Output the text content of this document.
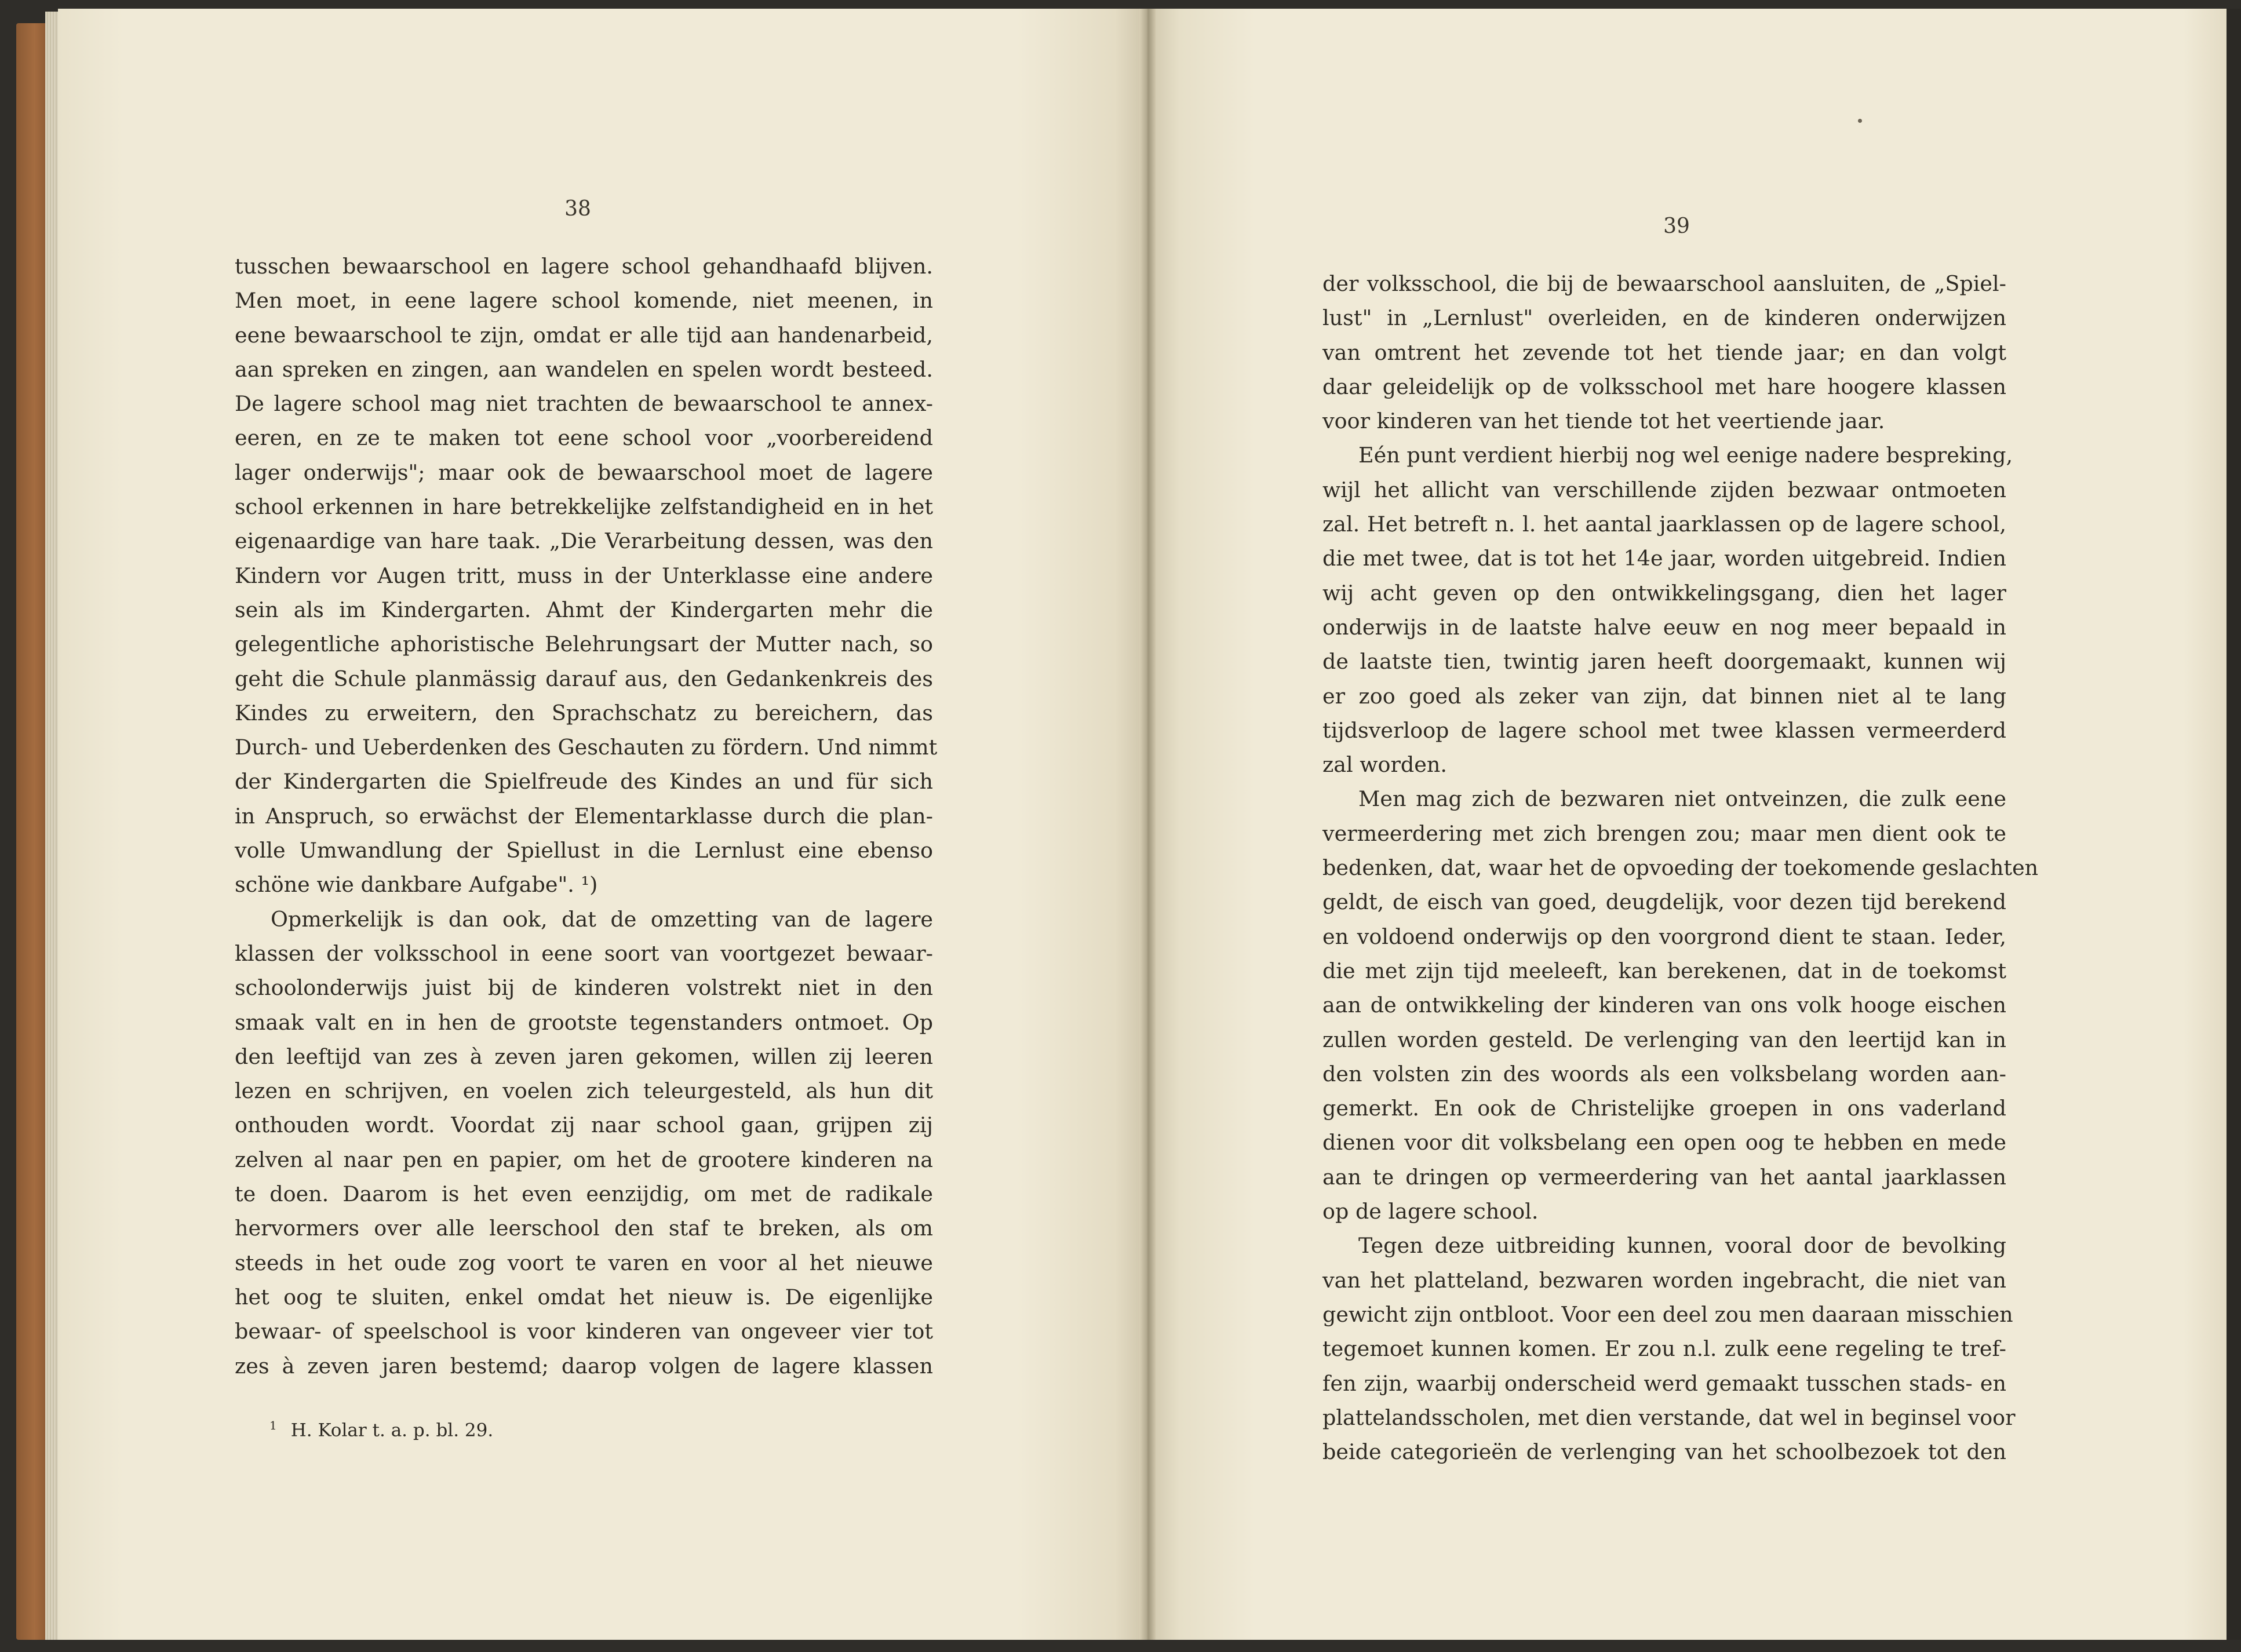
38
39
tusschen bewaarschool en lagere school gehandhaafd blijven.
Men moet, in eene lagere school komende, niet meenen, in
eene bewaarschool te zijn, omdat er alle tijd aan handenarbeid,
aan spreken en zingen, aan wandelen en spelen wordt besteed.
De lagere school mag niet trachten de bewaarschool te annex-
eeren, en ze te maken tot eene school voor „voorbereidend
lager onderwijs"; maar ook de bewaarschool moet de lagere
school erkennen in hare betrekkelijke zelfstandigheid en in het
eigenaardige van hare taak. „Die Verarbeitung dessen, was den
Kindern vor Augen tritt, muss in der Unterklasse eine andere
sein als im Kindergarten. Ahmt der Kindergarten mehr die
gelegentliche aphoristische Belehrungsart der Mutter nach, so
geht die Schule planmässig darauf aus, den Gedankenkreis des
Kindes zu erweitern, den Sprachschatz zu bereichern, das
Durch- und Ueberdenken des Geschauten zu fördern. Und nimmt
der Kindergarten die Spielfreude des Kindes an und für sich
in Anspruch, so erwächst der Elementarklasse durch die plan-
volle Umwandlung der Spiellust in die Lernlust eine ebenso
schöne wie dankbare Aufgabe". ¹)
Opmerkelijk is dan ook, dat de omzetting van de lagere
klassen der volksschool in eene soort van voortgezet bewaar-
schoolonderwijs juist bij de kinderen volstrekt niet in den
smaak valt en in hen de grootste tegenstanders ontmoet. Op
den leeftijd van zes à zeven jaren gekomen, willen zij leeren
lezen en schrijven, en voelen zich teleurgesteld, als hun dit
onthouden wordt. Voordat zij naar school gaan, grijpen zij
zelven al naar pen en papier, om het de grootere kinderen na
te doen. Daarom is het even eenzijdig, om met de radikale
hervormers over alle leerschool den staf te breken, als om
steeds in het oude zog voort te varen en voor al het nieuwe
het oog te sluiten, enkel omdat het nieuw is. De eigenlijke
bewaar- of speelschool is voor kinderen van ongeveer vier tot
zes à zeven jaren bestemd; daarop volgen de lagere klassen
der volksschool, die bij de bewaarschool aansluiten, de „Spiel-
lust" in „Lernlust" overleiden, en de kinderen onderwijzen
van omtrent het zevende tot het tiende jaar; en dan volgt
daar geleidelijk op de volksschool met hare hoogere klassen
voor kinderen van het tiende tot het veertiende jaar.
Eén punt verdient hierbij nog wel eenige nadere bespreking,
wijl het allicht van verschillende zijden bezwaar ontmoeten
zal. Het betreft n. l. het aantal jaarklassen op de lagere school,
die met twee, dat is tot het 14e jaar, worden uitgebreid. Indien
wij acht geven op den ontwikkelingsgang, dien het lager
onderwijs in de laatste halve eeuw en nog meer bepaald in
de laatste tien, twintig jaren heeft doorgemaakt, kunnen wij
er zoo goed als zeker van zijn, dat binnen niet al te lang
tijdsverloop de lagere school met twee klassen vermeerderd
zal worden.
Men mag zich de bezwaren niet ontveinzen, die zulk eene
vermeerdering met zich brengen zou; maar men dient ook te
bedenken, dat, waar het de opvoeding der toekomende geslachten
geldt, de eisch van goed, deugdelijk, voor dezen tijd berekend
en voldoend onderwijs op den voorgrond dient te staan. Ieder,
die met zijn tijd meeleeft, kan berekenen, dat in de toekomst
aan de ontwikkeling der kinderen van ons volk hooge eischen
zullen worden gesteld. De verlenging van den leertijd kan in
den volsten zin des woords als een volksbelang worden aan-
gemerkt. En ook de Christelijke groepen in ons vaderland
dienen voor dit volksbelang een open oog te hebben en mede
aan te dringen op vermeerdering van het aantal jaarklassen
op de lagere school.
Tegen deze uitbreiding kunnen, vooral door de bevolking
van het platteland, bezwaren worden ingebracht, die niet van
gewicht zijn ontbloot. Voor een deel zou men daaraan misschien
tegemoet kunnen komen. Er zou n.l. zulk eene regeling te tref-
fen zijn, waarbij onderscheid werd gemaakt tusschen stads- en
plattelandsscholen, met dien verstande, dat wel in beginsel voor
beide categorieën de verlenging van het schoolbezoek tot den
$^1$ H. Kolar t. a. p. bl. 29.
